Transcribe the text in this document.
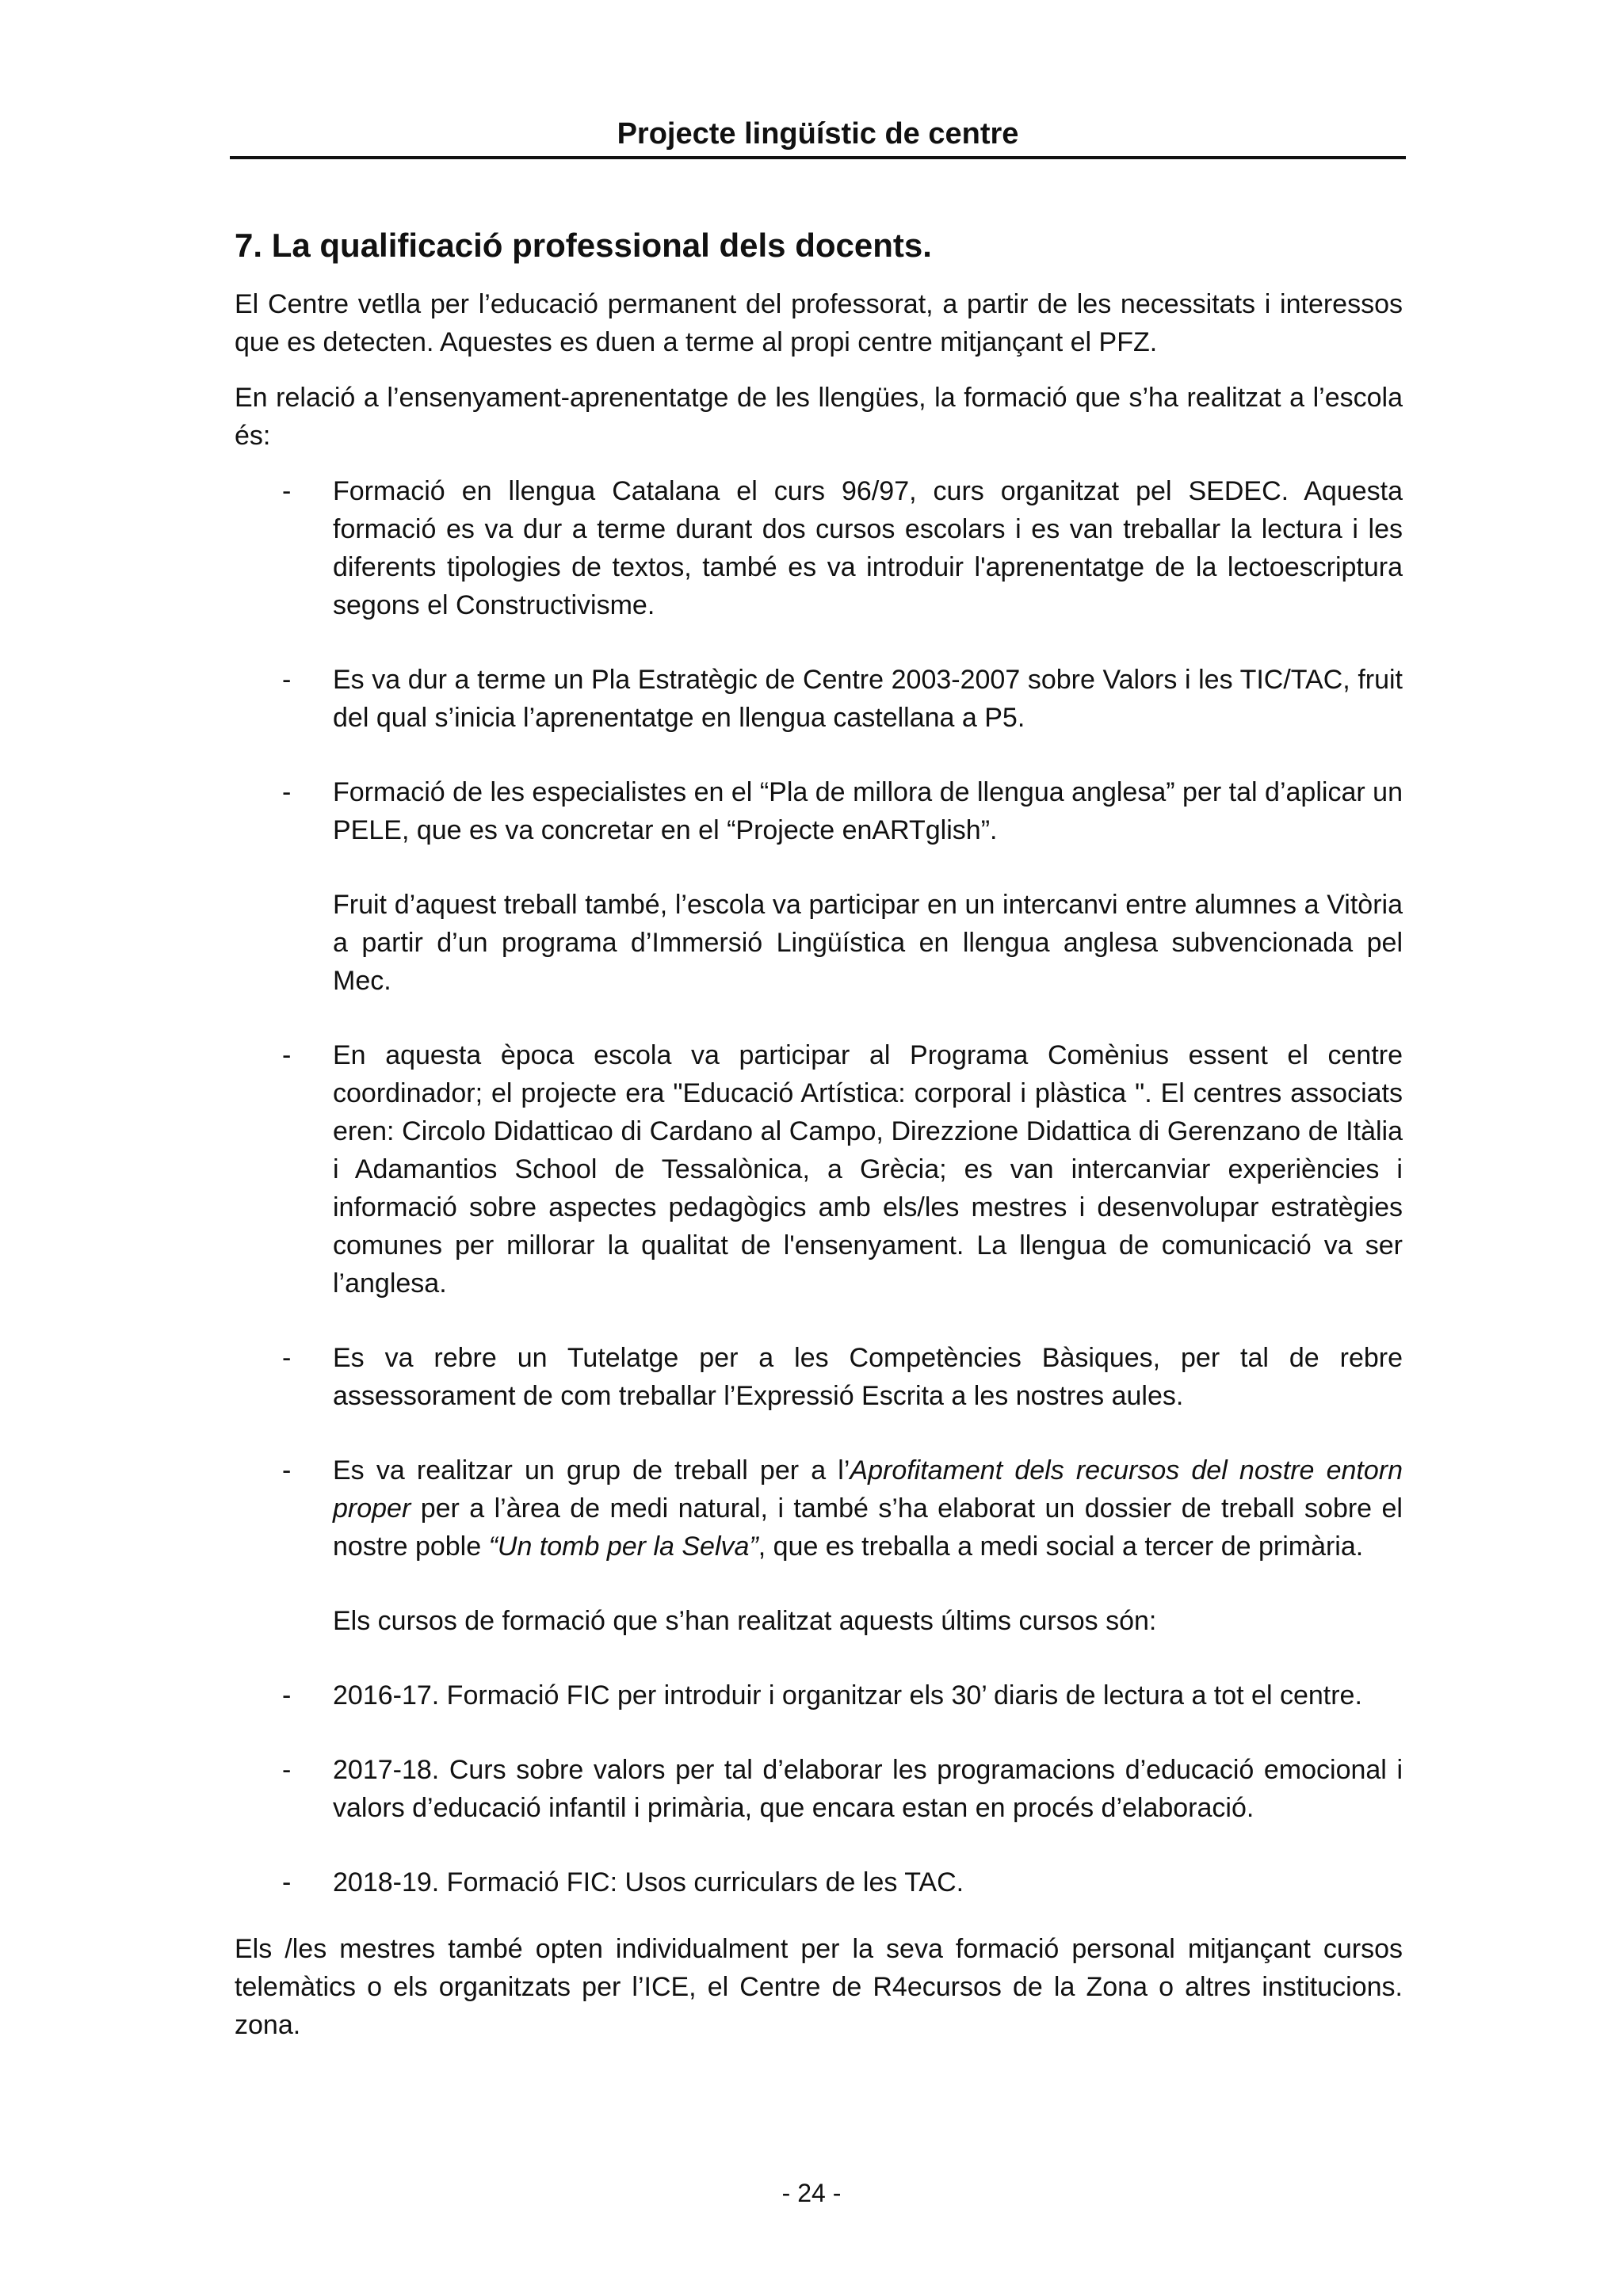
Projecte lingüístic de centre
7. La qualificació professional dels docents.

El Centre vetlla per l’educació permanent del professorat, a partir de les necessitats i interessos que es detecten. Aquestes es duen a terme al propi centre mitjançant el PFZ.

En relació a l’ensenyament-aprenentatge de les llengües, la formació que s’ha realitzat a l’escola és:

- Formació en llengua Catalana el curs 96/97, curs organitzat pel SEDEC. Aquesta formació es va dur a terme durant dos cursos escolars i es van treballar la lectura i les diferents tipologies de textos, també es va introduir l'aprenentatge de la lectoescriptura segons el Constructivisme.

- Es va dur a terme un Pla Estratègic de Centre 2003-2007 sobre Valors i les TIC/TAC, fruit del qual s’inicia l’aprenentatge en llengua castellana a P5.

- Formació de les especialistes en el “Pla de millora de llengua anglesa” per tal d’aplicar un PELE, que es va concretar en el “Projecte enARTglish”.

Fruit d’aquest treball també, l’escola va participar en un intercanvi entre alumnes a Vitòria a partir d’un programa d’Immersió Lingüística en llengua anglesa subvencionada pel Mec.

- En aquesta època escola va participar al Programa Comènius essent el centre coordinador; el projecte era "Educació Artística: corporal i plàstica ". El centres associats eren: Circolo Didatticao di Cardano al Campo, Direzzione Didattica di Gerenzano de Itàlia i Adamantios School de Tessalònica, a Grècia; es van intercanviar experiències i informació sobre aspectes pedagògics amb els/les mestres i desenvolupar estratègies comunes per millorar la qualitat de l'ensenyament. La llengua de comunicació va ser l’anglesa.

- Es va rebre un Tutelatge per a les Competències Bàsiques, per tal de rebre assessorament de com treballar l’Expressió Escrita a les nostres aules.

- Es va realitzar un grup de treball per a l’Aprofitament dels recursos del nostre entorn proper per a l’àrea de medi natural, i també s’ha elaborat un dossier de treball sobre el nostre poble “Un tomb per la Selva”, que es treballa a medi social a tercer de primària.

Els cursos de formació que s’han realitzat aquests últims cursos són:

- 2016-17. Formació FIC per introduir i organitzar els 30’ diaris de lectura a tot el centre.

- 2017-18. Curs sobre valors per tal d’elaborar les programacions d’educació emocional i valors d’educació infantil i primària, que encara estan en procés d’elaboració.

- 2018-19. Formació FIC: Usos curriculars de les TAC.

Els /les mestres també opten individualment per la seva formació personal mitjançant cursos telemàtics o els organitzats per l’ICE, el Centre de R4ecursos de la Zona o altres institucions. zona.

- 24 -
